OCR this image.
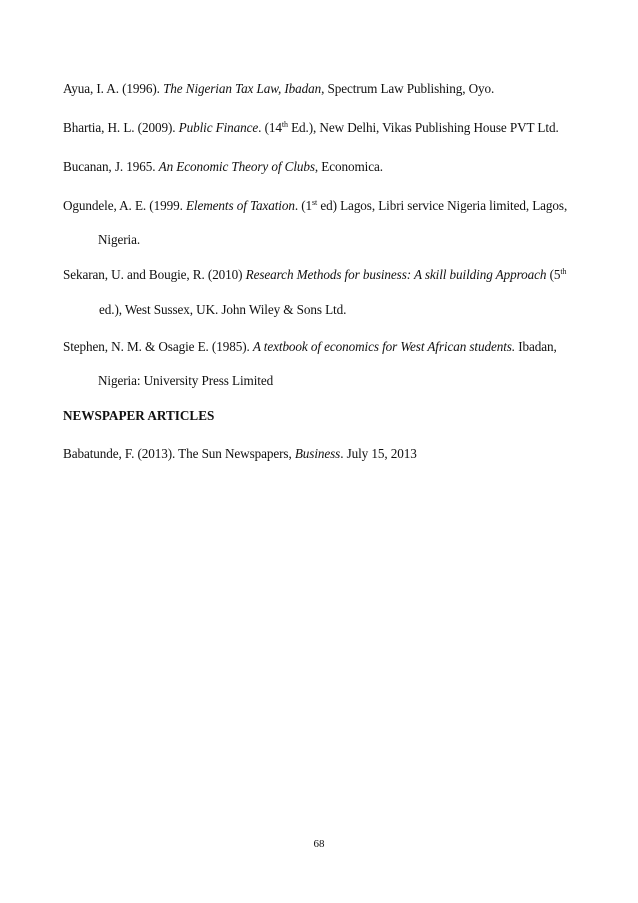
Ayua, I. A. (1996). The Nigerian Tax Law, Ibadan, Spectrum Law Publishing, Oyo.
Bhartia, H. L. (2009). Public Finance. (14th Ed.), New Delhi, Vikas Publishing House PVT Ltd.
Bucanan, J. 1965. An Economic Theory of Clubs, Economica.
Ogundele, A. E. (1999. Elements of Taxation. (1st ed) Lagos, Libri service Nigeria limited, Lagos,
Nigeria.
Sekaran, U. and Bougie, R. (2010) Research Methods for business: A skill building Approach (5th
ed.), West Sussex, UK. John Wiley & Sons Ltd.
Stephen, N. M. & Osagie E. (1985). A textbook of economics for West African students. Ibadan,
Nigeria: University Press Limited
NEWSPAPER ARTICLES
Babatunde, F. (2013). The Sun Newspapers, Business. July 15, 2013
68
